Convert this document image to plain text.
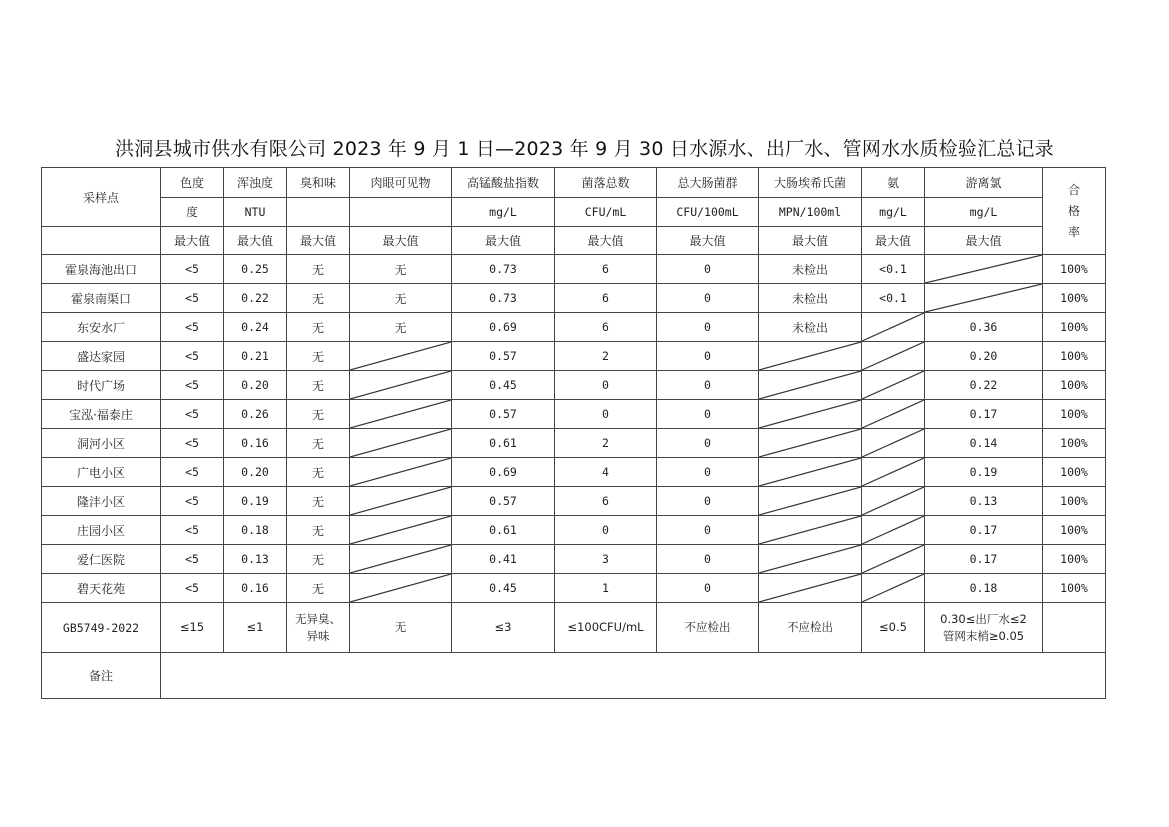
洪洞县城市供水有限公司 2023 年 9 月 1 日—2023 年 9 月 30 日水源水、出厂水、管网水水质检验汇总记录
采样点	色度	浑浊度	臭和味	肉眼可见物	高锰酸盐指数	菌落总数	总大肠菌群	大肠埃希氏菌	氨	游离氯	合
格
率
	度	NTU			mg/L	CFU/mL	CFU/100mL	MPN/100ml	mg/L	mg/L	
	最大值	最大值	最大值	最大值	最大值	最大值	最大值	最大值	最大值	最大值	
霍泉海池出口	<5	0.25	无	无	0.73	6	0	未检出	<0.1		100%
霍泉南渠口	<5	0.22	无	无	0.73	6	0	未检出	<0.1		100%
东安水厂	<5	0.24	无	无	0.69	6	0	未检出		0.36	100%
盛达家园	<5	0.21	无		0.57	2	0			0.20	100%
时代广场	<5	0.20	无		0.45	0	0			0.22	100%
宝泓·福泰庄	<5	0.26	无		0.57	0	0			0.17	100%
洞河小区	<5	0.16	无		0.61	2	0			0.14	100%
广电小区	<5	0.20	无		0.69	4	0			0.19	100%
隆沣小区	<5	0.19	无		0.57	6	0			0.13	100%
庄园小区	<5	0.18	无		0.61	0	0			0.17	100%
爱仁医院	<5	0.13	无		0.41	3	0			0.17	100%
碧天花苑	<5	0.16	无		0.45	1	0			0.18	100%
GB5749-2022	≤15	≤1	无异臭、
异味	无	≤3	≤100CFU/mL	不应检出	不应检出	≤0.5	0.30≤出厂水≤2
管网末梢≥0.05	
备注											
